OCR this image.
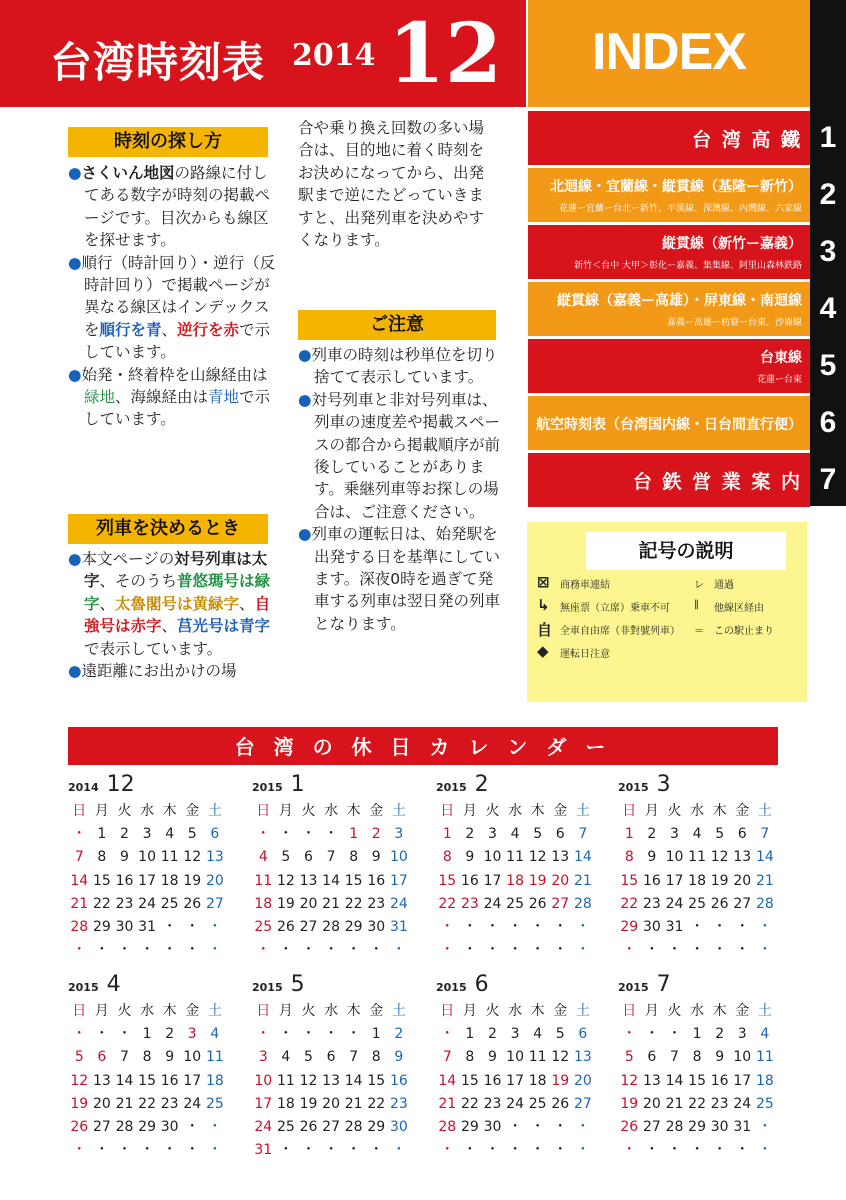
台湾時刻表 2014 12	INDEX
台 湾 高 鐵 1
北迴線・宜蘭線・縦貫線（基隆ー新竹）
花蓮ー宜蘭ー台北ー新竹、平溪線、深澳線、內灣線、六家線 2
縦貫線（新竹ー嘉義）
新竹＜台中 大甲＞彰化ー嘉義、集集線、阿里山森林鉄路 3
縦貫線（嘉義ー高雄）・屏東線・南迴線
嘉義ー高雄ー枋寮ー台東、沙崙線 4
台東線
花蓮ー台東 5
航空時刻表（台湾国内線・日台間直行便） 6
台 鉄 営 業 案 内 7
時刻の探し方
●さくいん地図の路線に付してある数字が時刻の掲載ページです。目次からも線区を探せます。
●順行（時計回り）・逆行（反時計回り）で掲載ページが異なる線区はインデックスを順行を青、逆行を赤で示しています。
●始発・終着枠を山線経由は緑地、海線経由は青地で示しています。
列車を決めるとき
●本文ページの対号列車は太字、そのうち普悠瑪号は緑字、太魯閣号は黄緑字、自強号は赤字、莒光号は青字で表示しています。
●遠距離にお出かけの場
合や乗り換え回数の多い場合は、目的地に着く時刻をお決めになってから、出発駅まで逆にたどっていきますと、出発列車を決めやすくなります。
ご注意
●列車の時刻は秒単位を切り捨てて表示しています。
●対号列車と非対号列車は、列車の速度差や掲載スペースの都合から掲載順序が前後していることがあります。乗継列車等お探しの場合は、ご注意ください。
●列車の運転日は、始発駅を出発する日を基準にしています。深夜0時を過ぎて発車する列車は翌日発の列車となります。
記号の説明
⊠ 商務車連結
↳ 無座票（立席）乗車不可
自 全車自由席（非對號列車）
◆ 運転日注意
レ 通過
‖ 他線区経由
＝ この駅止まり
台 湾 の 休 日 カ レ ン ダ ー
2014 12
日 月 火 水 木 金 土
・ 1 2 3 4 5 6
7 8 9 10 11 12 13
14 15 16 17 18 19 20
21 22 23 24 25 26 27
28 29 30 31 ・ ・ ・
・ ・ ・ ・ ・ ・ ・
2015 1
日 月 火 水 木 金 土
・ ・ ・ ・ 1 2 3
4 5 6 7 8 9 10
11 12 13 14 15 16 17
18 19 20 21 22 23 24
25 26 27 28 29 30 31
・ ・ ・ ・ ・ ・ ・
2015 2
日 月 火 水 木 金 土
1 2 3 4 5 6 7
8 9 10 11 12 13 14
15 16 17 18 19 20 21
22 23 24 25 26 27 28
・ ・ ・ ・ ・ ・ ・
・ ・ ・ ・ ・ ・ ・
2015 3
日 月 火 水 木 金 土
1 2 3 4 5 6 7
8 9 10 11 12 13 14
15 16 17 18 19 20 21
22 23 24 25 26 27 28
29 30 31 ・ ・ ・ ・
・ ・ ・ ・ ・ ・ ・
2015 4
日 月 火 水 木 金 土
・ ・ ・ 1 2 3 4
5 6 7 8 9 10 11
12 13 14 15 16 17 18
19 20 21 22 23 24 25
26 27 28 29 30 ・ ・
・ ・ ・ ・ ・ ・ ・
2015 5
日 月 火 水 木 金 土
・ ・ ・ ・ ・ 1 2
3 4 5 6 7 8 9
10 11 12 13 14 15 16
17 18 19 20 21 22 23
24 25 26 27 28 29 30
31 ・ ・ ・ ・ ・ ・
2015 6
日 月 火 水 木 金 土
・ 1 2 3 4 5 6
7 8 9 10 11 12 13
14 15 16 17 18 19 20
21 22 23 24 25 26 27
28 29 30 ・ ・ ・ ・
・ ・ ・ ・ ・ ・ ・
2015 7
日 月 火 水 木 金 土
・ ・ ・ 1 2 3 4
5 6 7 8 9 10 11
12 13 14 15 16 17 18
19 20 21 22 23 24 25
26 27 28 29 30 31 ・
・ ・ ・ ・ ・ ・ ・
